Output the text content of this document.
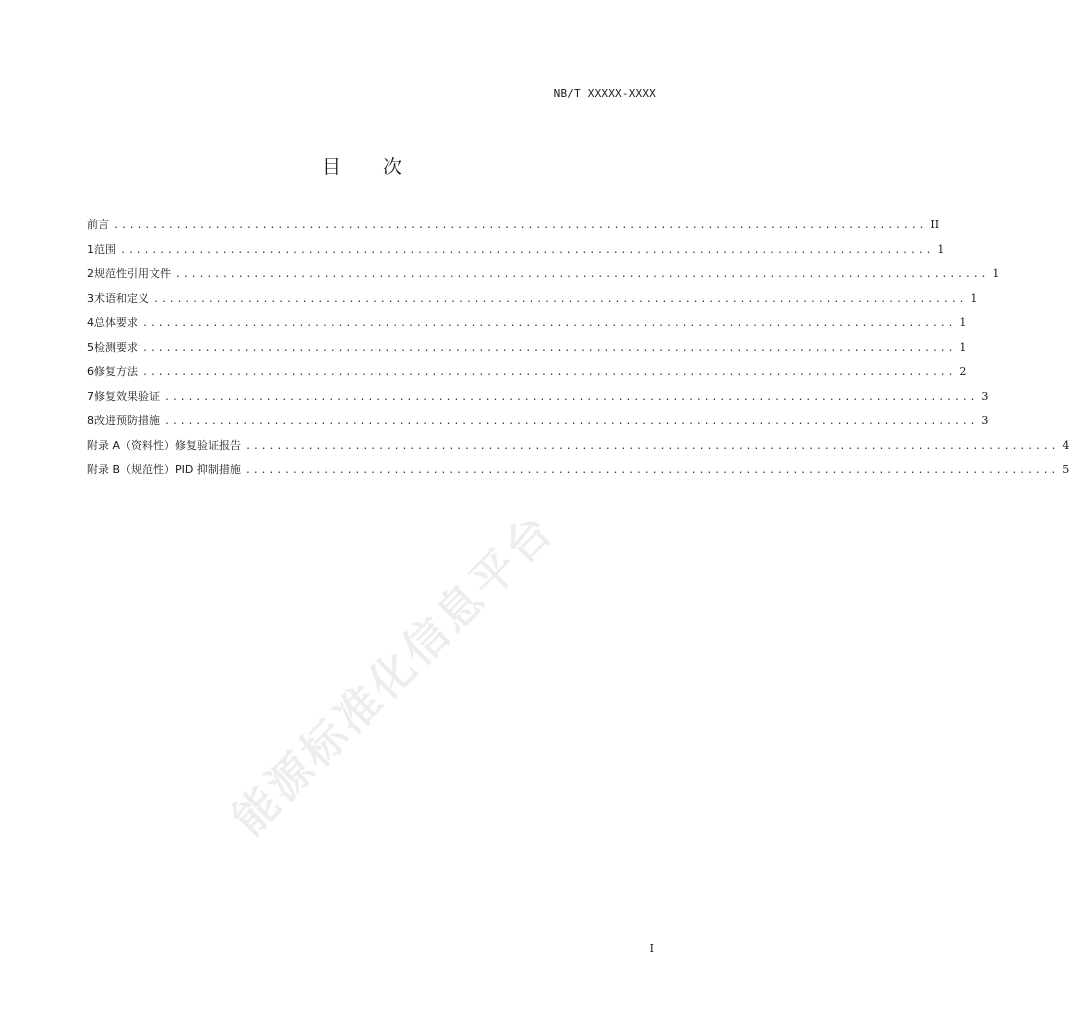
NB/T XXXXX-XXXX
目 次
前言 ........................................................................................................ II
1 范围 ........................................................................................................ 1
2 规范性引用文件 ........................................................................................................ 1
3 术语和定义 ........................................................................................................ 1
4 总体要求 ........................................................................................................ 1
5 检测要求 ........................................................................................................ 1
6 修复方法 ........................................................................................................ 2
7 修复效果验证 ........................................................................................................ 3
8 改进预防措施 ........................................................................................................ 3
附录 A（资料性） 修复验证报告 ........................................................................................................ 4
附录 B（规范性） PID 抑制措施 ........................................................................................................ 5
能源标准化信息平台
I
